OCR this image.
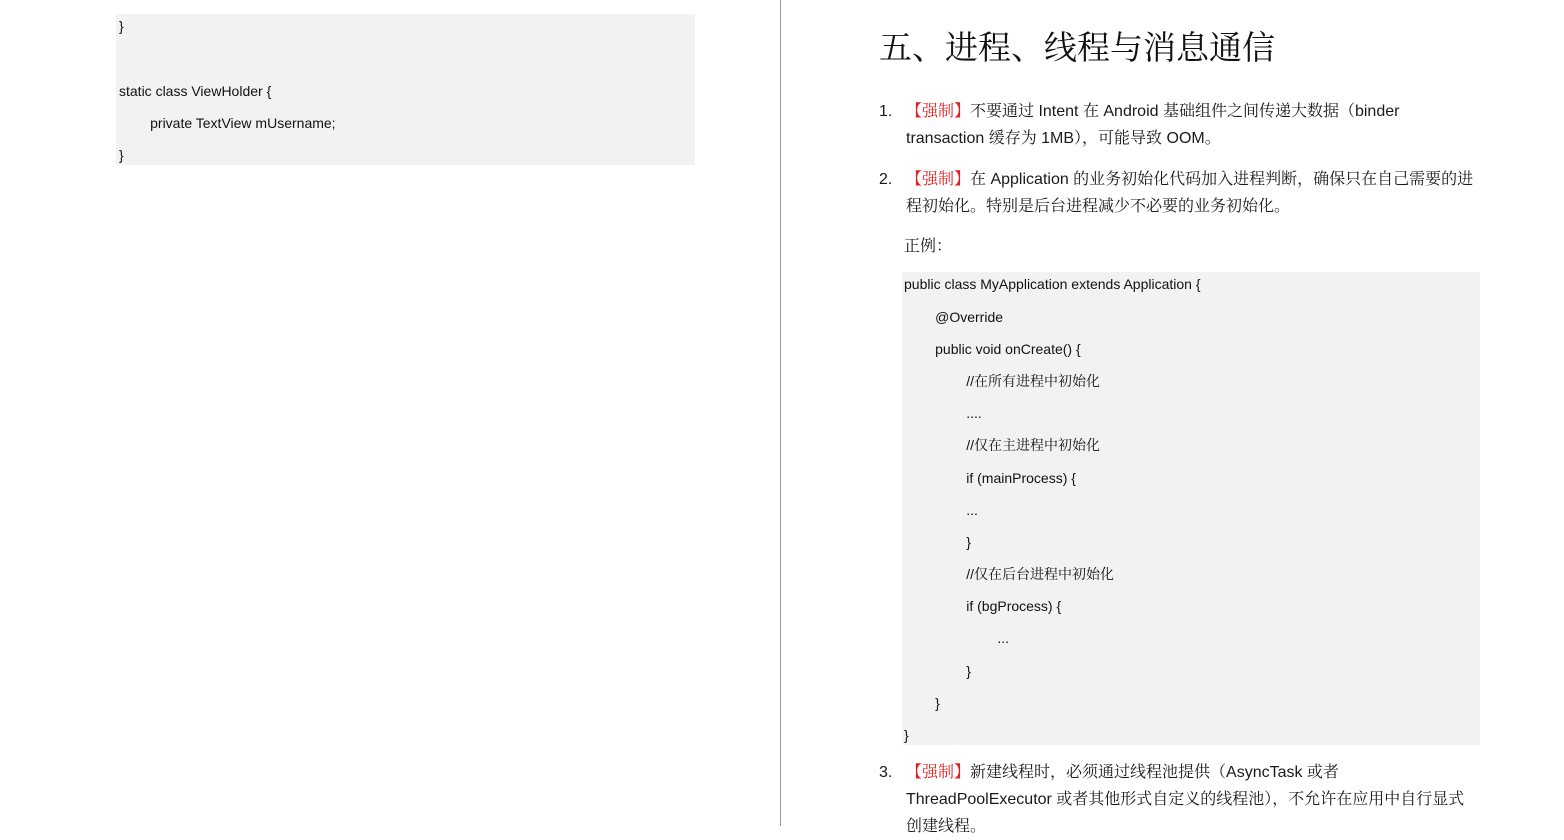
}
static class ViewHolder {
private TextView mUsername;
}
五、进程、线程与消息通信
1. 【强制】不要通过 Intent 在 Android 基础组件之间传递大数据（binder transaction 缓存为 1MB），可能导致 OOM。
2. 【强制】在 Application 的业务初始化代码加入进程判断，确保只在自己需要的进程初始化。特别是后台进程减少不必要的业务初始化。
正例：
public class MyApplication extends Application {
@Override
public void onCreate() {
//在所有进程中初始化
....
//仅在主进程中初始化
if (mainProcess) {
...
}
//仅在后台进程中初始化
if (bgProcess) {
...
}
}
}
3. 【强制】新建线程时，必须通过线程池提供（AsyncTask 或者 ThreadPoolExecutor 或者其他形式自定义的线程池），不允许在应用中自行显式创建线程。
